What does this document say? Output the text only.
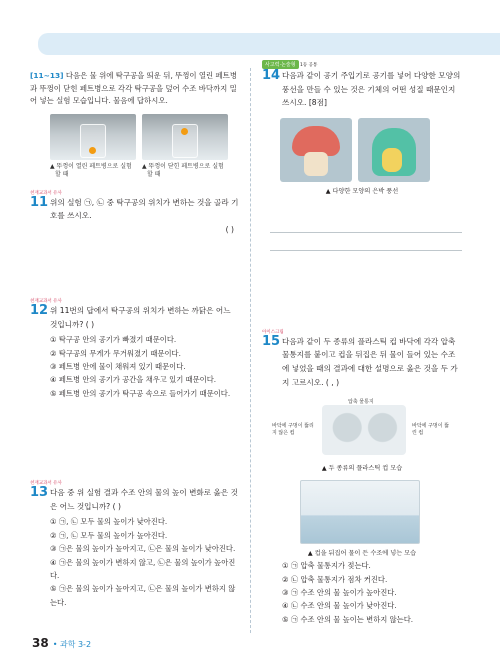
[11~13] 다음은 물 위에 탁구공을 띄운 뒤, 뚜껑이 열린 페트병과 뚜껑이 닫힌 페트병으로 각각 탁구공을 덮어 수조 바닥까지 밀어 넣는 실험 모습입니다. 물음에 답하시오.

▲ 뚜껑이 열린 페트병으로 실험할 때
▲ 뚜껑이 닫힌 페트병으로 실험할 때
천재교과서 유사
11 위의 실험 ㉠, ㉡ 중 탁구공의 위치가 변하는 것을 골라 기호를 쓰시오.
( )
천재교과서 유사
12 위 11번의 답에서 탁구공의 위치가 변하는 까닭은 어느 것입니까? ( )
① 탁구공 안의 공기가 빠졌기 때문이다.
② 탁구공의 무게가 무거워졌기 때문이다.
③ 페트병 안에 물이 채워져 있기 때문이다.
④ 페트병 안의 공기가 공간을 채우고 있기 때문이다.
⑤ 페트병 안의 공기가 탁구공 속으로 들어가기 때문이다.
천재교과서 유사
13 다음 중 위 실험 결과 수조 안의 물의 높이 변화로 옳은 것은 어느 것입니까? ( )
① ㉠, ㉡ 모두 물의 높이가 낮아진다.
② ㉠, ㉡ 모두 물의 높이가 높아진다.
③ ㉠은 물의 높이가 높아지고, ㉡은 물의 높이가 낮아진다.
④ ㉠은 물의 높이가 변하지 않고, ㉡은 물의 높이가 높아진다.
⑤ ㉠은 물의 높이가 높아지고, ㉡은 물의 높이가 변하지 않는다.
사고력·논술형 1등 공통
14 다음과 같이 공기 주입기로 공기를 넣어 다양한 모양의 풍선을 만들 수 있는 것은 기체의 어떤 성질 때문인지 쓰시오. [8점]
▲ 다양한 모양의 은박 풍선
아이스크림
15 다음과 같이 두 종류의 플라스틱 컵 바닥에 각각 압축 물통지를 붙이고 컵을 뒤집은 뒤 물이 들어 있는 수조에 넣었을 때의 결과에 대한 설명으로 옳은 것을 두 가지 고르시오. ( , )
압축 물통지
바닥에 구멍이 뚫리지 않은 컵
바닥에 구멍이 뚫린 컵
▲ 두 종류의 플라스틱 컵 모습
▲ 컵을 뒤집어 물이 든 수조에 넣는 모습
① ㉠ 압축 물통지가 젖는다.
② ㉡ 압축 물통지가 점차 커진다.
③ ㉠ 수조 안의 물 높이가 높아진다.
④ ㉡ 수조 안의 물 높이가 낮아진다.
⑤ ㉠ 수조 안의 물 높이는 변하지 않는다.
38 • 과학 3-2
